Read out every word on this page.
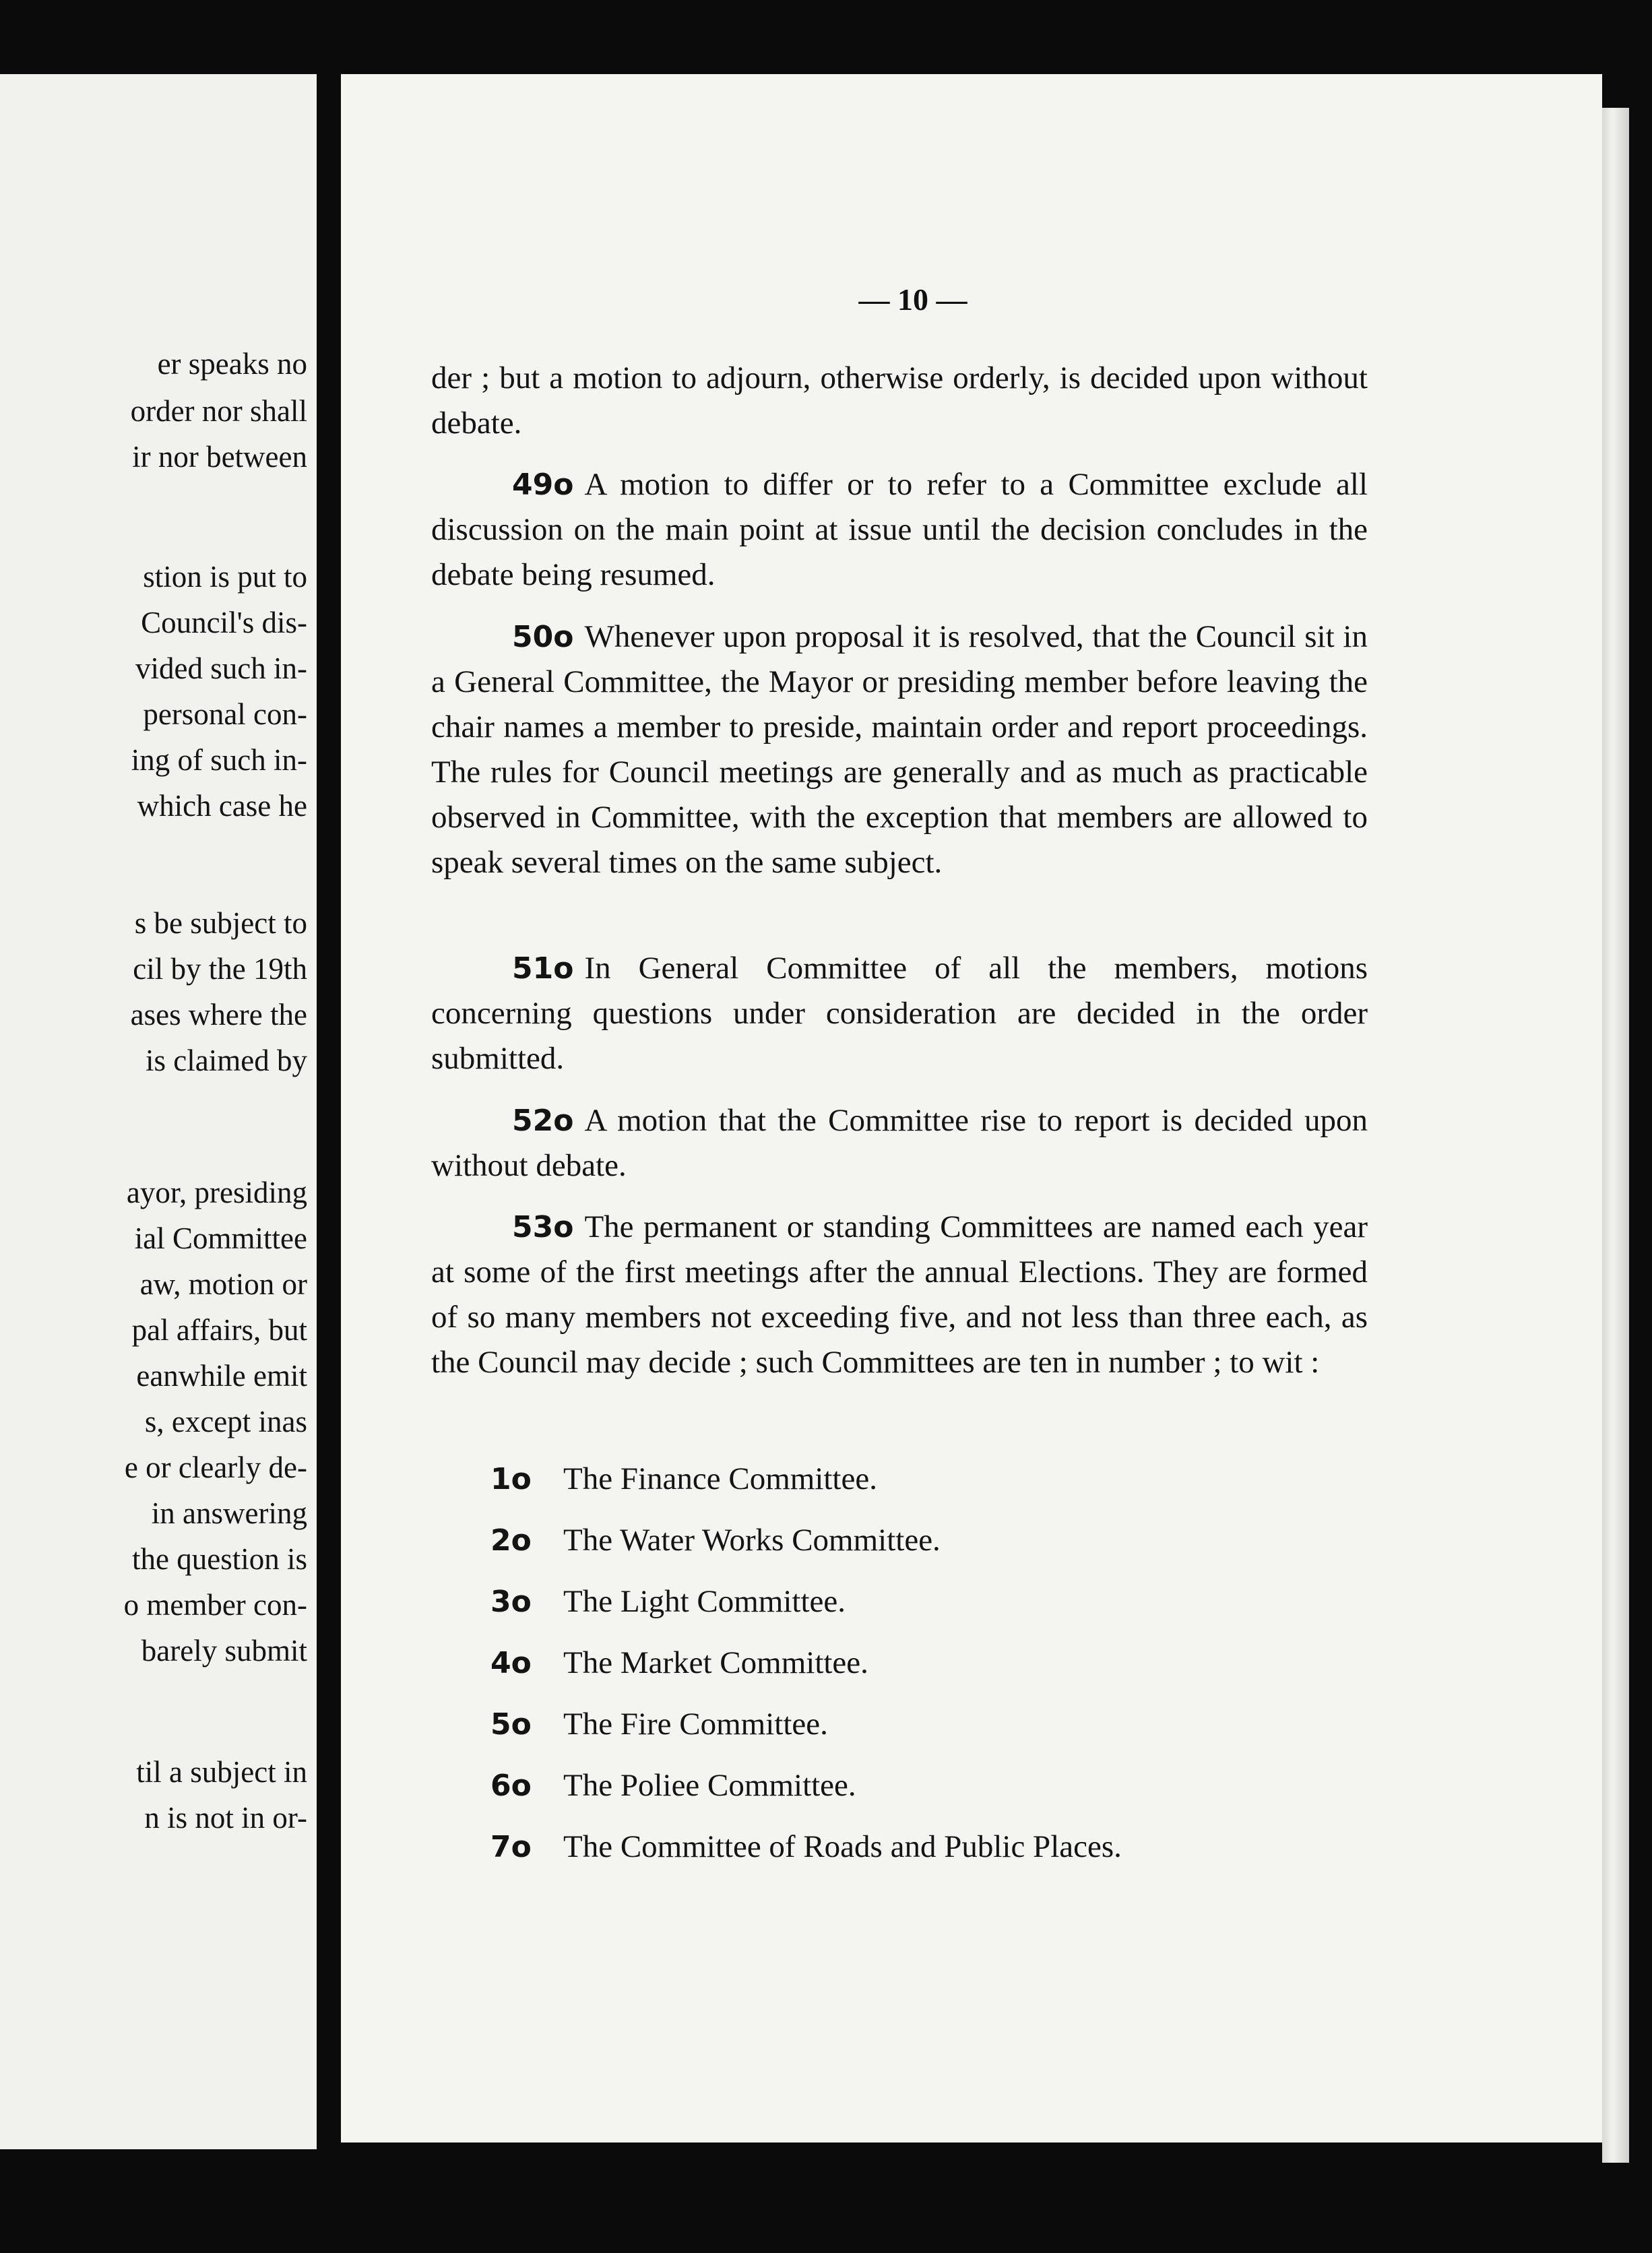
er speaks no
order nor shall
ir nor between
stion is put to
Council's dis-
vided such in-
personal con-
ing of such in-
which case he
s be subject to
cil by the 19th
ases where the
is claimed by
ayor, presiding
ial Committee
aw, motion or
pal affairs, but
eanwhile emit
s, except inas
e or clearly de-
in answering
the question is
o member con-
barely submit
til a subject in
n is not in or-
— 10 —

der ; but a motion to adjourn, otherwise orderly, is decided upon without debate.

49o A motion to differ or to refer to a Committee exclude all discussion on the main point at issue until the decision concludes in the debate being resumed.

50o Whenever upon proposal it is resolved, that the Council sit in a General Committee, the Mayor or presiding member before leaving the chair names a member to preside, maintain order and report proceedings. The rules for Council meetings are generally and as much as practicable observed in Committee, with the exception that members are allowed to speak several times on the same subject.

51o In General Committee of all the members, motions concerning questions under consideration are decided in the order submitted.

52o A motion that the Committee rise to report is decided upon without debate.

53o The permanent or standing Committees are named each year at some of the first meetings after the annual Elections. They are formed of so many members not exceeding five, and not less than three each, as the Council may decide ; such Committees are ten in number ; to wit :

1o The Finance Committee.
2o The Water Works Committee.
3o The Light Committee.
4o The Market Committee.
5o The Fire Committee.
6o The Poliee Committee.
7o The Committee of Roads and Public Places.
